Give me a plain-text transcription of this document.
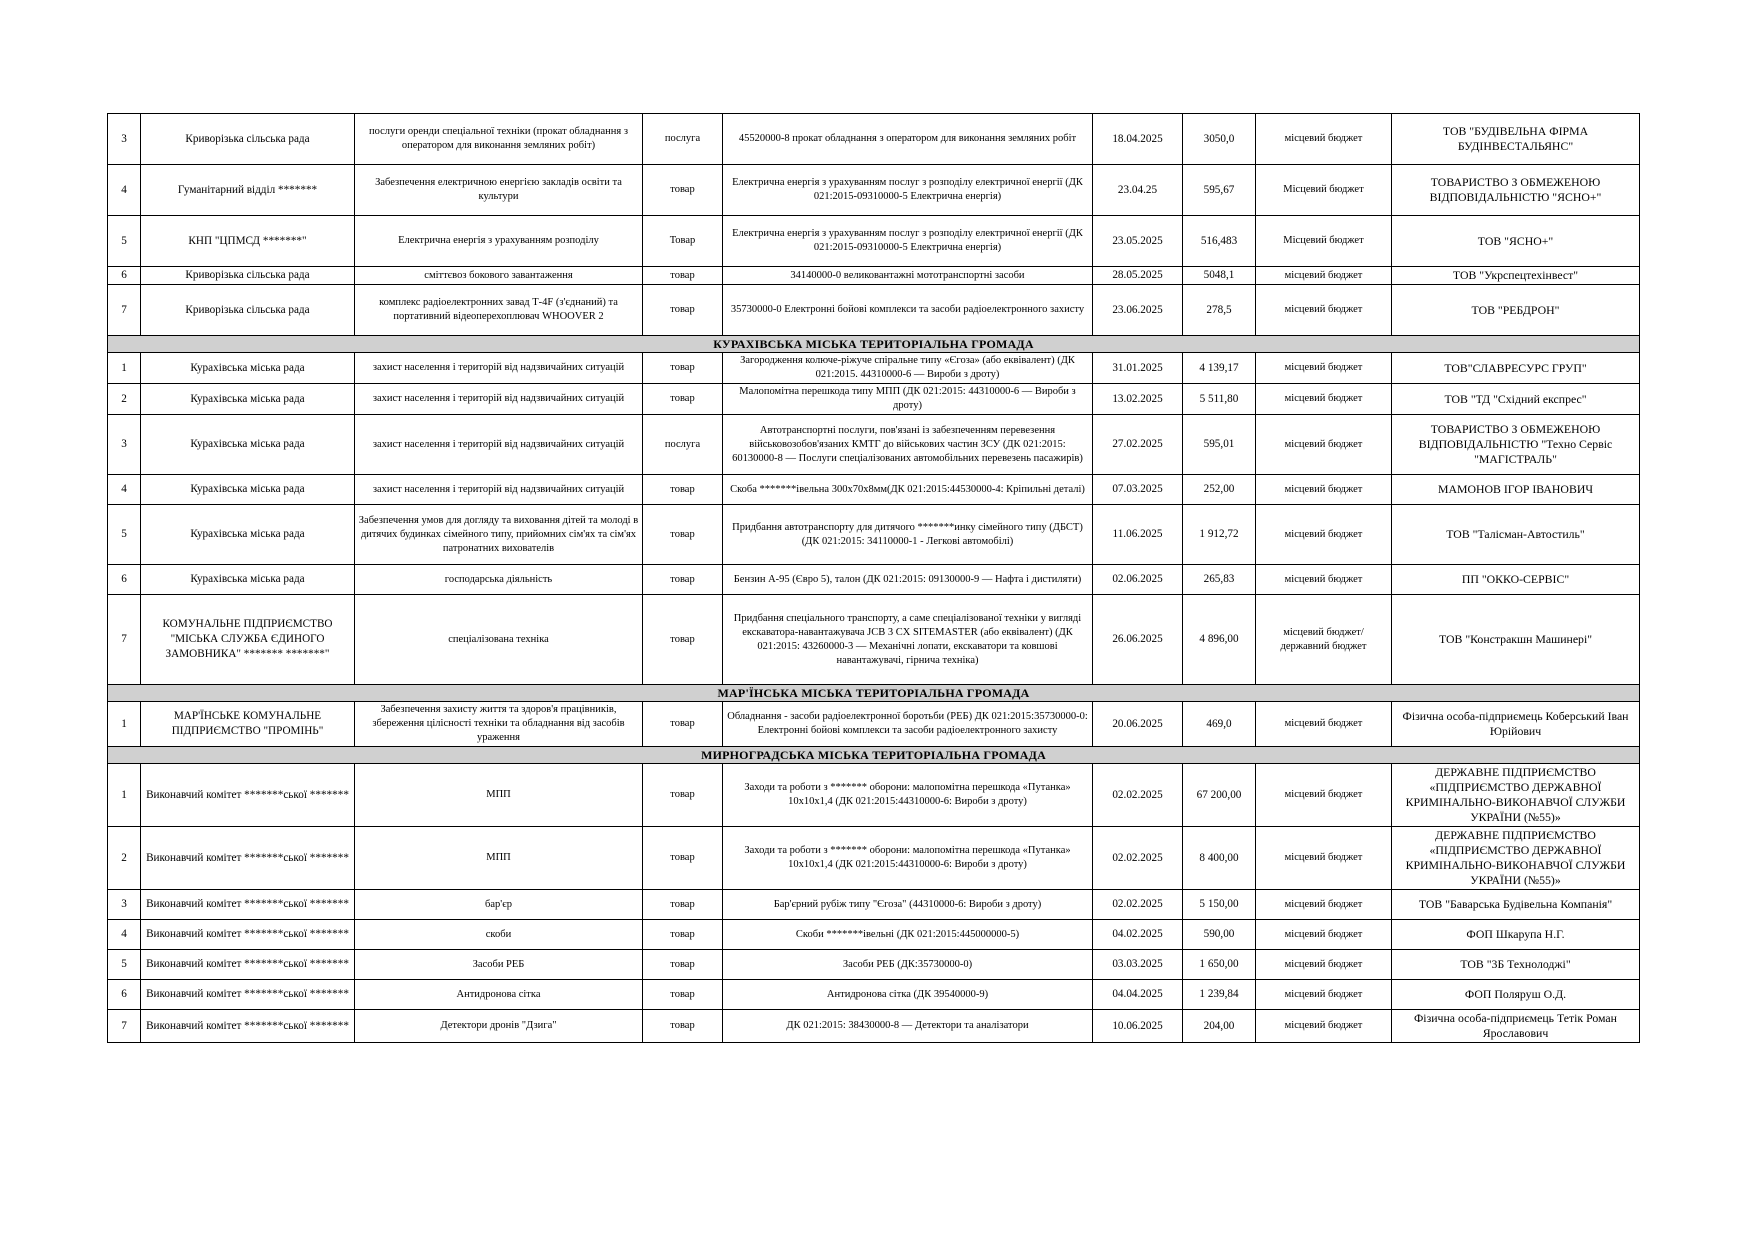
3	Криворізька сільська рада	послуги оренди спеціальної техніки (прокат обладнання з оператором для виконання земляних робіт)	послуга	45520000-8 прокат обладнання з оператором для виконання земляних робіт	18.04.2025	3050,0	місцевий бюджет	ТОВ "БУДІВЕЛЬНА ФІРМА БУДІНВЕСТАЛЬЯНС"
4	Гуманітарний відділ *******	Забезпечення електричною енергією закладів освіти та культури	товар	Електрична енергія з урахуванням послуг з розподілу електричної енергії (ДК 021:2015-09310000-5 Електрична енергія)	23.04.25	595,67	Місцевий бюджет	ТОВАРИСТВО З ОБМЕЖЕНОЮ ВІДПОВІДАЛЬНІСТЮ "ЯСНО+"
5	КНП "ЦПМСД *******"	Електрична енергія з урахуванням розподілу	Товар	Електрична енергія з урахуванням послуг з розподілу електричної енергії (ДК 021:2015-09310000-5 Електрична енергія)	23.05.2025	516,483	Місцевий бюджет	ТОВ "ЯСНО+"
6	Криворізька сільська рада	сміттєвоз бокового завантаження	товар	34140000-0 великовантажні мототранспортні засоби	28.05.2025	5048,1	місцевий бюджет	ТОВ "Укрспецтехінвест"
7	Криворізька сільська рада	комплекс радіоелектронних завад Т-4F (з'єднаний) та портативний відеоперехоплювач WHOOVER 2	товар	35730000-0 Електронні бойові комплекси та засоби радіоелектронного захисту	23.06.2025	278,5	місцевий бюджет	ТОВ "РЕБДРОН"
КУРАХІВСЬКА МІСЬКА ТЕРИТОРІАЛЬНА ГРОМАДА								
1	Курахівська міська рада	захист населення і територій від надзвичайних ситуацій	товар	Загородження колюче-ріжуче спіральне типу «Єгоза» (або еквівалент) (ДК 021:2015. 44310000-6 — Вироби з дроту)	31.01.2025	4 139,17	місцевий бюджет	ТОВ"СЛАВРЕСУРС ГРУП"
2	Курахівська міська рада	захист населення і територій від надзвичайних ситуацій	товар	Малопомітна перешкода типу МПП (ДК 021:2015: 44310000-6 — Вироби з дроту)	13.02.2025	5 511,80	місцевий бюджет	ТОВ "ТД "Східний експрес"
3	Курахівська міська рада	захист населення і територій від надзвичайних ситуацій	послуга	Автотранспортні послуги, пов'язані із забезпеченням перевезення військовозобов'язаних КМТГ до військових частин ЗСУ (ДК 021:2015: 60130000-8 — Послуги спеціалізованих автомобільних перевезень пасажирів)	27.02.2025	595,01	місцевий бюджет	ТОВАРИСТВО З ОБМЕЖЕНОЮ ВІДПОВІДАЛЬНІСТЮ "Техно Сервіс "МАГІСТРАЛЬ"
4	Курахівська міська рада	захист населення і територій від надзвичайних ситуацій	товар	Скоба *******івельна 300х70х8мм(ДК 021:2015:44530000-4: Кріпильні деталі)	07.03.2025	252,00	місцевий бюджет	МАМОНОВ ІГОР ІВАНОВИЧ
5	Курахівська міська рада	Забезпечення умов для догляду та виховання дітей та молоді в дитячих будинках сімейного типу, прийомних сім'ях та сім'ях патронатних вихователів	товар	Придбання автотранспорту для дитячого *******инку сімейного типу (ДБСТ) (ДК 021:2015: 34110000-1 - Легкові автомобілі)	11.06.2025	1 912,72	місцевий бюджет	ТОВ "Талісман-Автостиль"
6	Курахівська міська рада	господарська діяльність	товар	Бензин А-95 (Євро 5), талон (ДК 021:2015: 09130000-9 — Нафта і дистиляти)	02.06.2025	265,83	місцевий бюджет	ПП "ОККО-СЕРВІС"
7	КОМУНАЛЬНЕ ПІДПРИЄМСТВО "МІСЬКА СЛУЖБА ЄДИНОГО ЗАМОВНИКА" ******* *******"	спеціалізована техніка	товар	Придбання спеціального транспорту, а саме спеціалізованої техніки у вигляді екскаватора-навантажувача JCB 3 CX SITEMASTER (або еквівалент) (ДК 021:2015: 43260000-3 — Механічні лопати, екскаватори та ковшові навантажувачі, гірнича техніка)	26.06.2025	4 896,00	місцевий бюджет/державний бюджет	ТОВ "Констракшн Машинері"
МАР'ЇНСЬКА МІСЬКА ТЕРИТОРІАЛЬНА ГРОМАДА								
1	МАР'ЇНСЬКЕ КОМУНАЛЬНЕ ПІДПРИЄМСТВО "ПРОМІНЬ"	Забезпечення захисту життя та здоров'я працівників, збереження цілісності техніки та обладнання від засобів ураження	товар	Обладнання - засоби радіоелектронної боротьби (РЕБ) ДК 021:2015:35730000-0: Електронні бойові комплекси та засоби радіоелектронного захисту	20.06.2025	469,0	місцевий бюджет	Фізична особа-підприємець Коберський Іван Юрійович
МИРНОГРАДСЬКА МІСЬКА ТЕРИТОРІАЛЬНА ГРОМАДА								
1	Виконавчий комітет *******ської *******	МПП	товар	Заходи та роботи з ******* оборони: малопомітна перешкода «Путанка» 10х10х1,4 (ДК 021:2015:44310000-6: Вироби з дроту)	02.02.2025	67 200,00	місцевий бюджет	ДЕРЖАВНЕ ПІДПРИЄМСТВО «ПІДПРИЄМСТВО ДЕРЖАВНОЇ КРИМІНАЛЬНО-ВИКОНАВЧОЇ СЛУЖБИ УКРАЇНИ (№55)»
2	Виконавчий комітет *******ської *******	МПП	товар	Заходи та роботи з ******* оборони: малопомітна перешкода «Путанка» 10х10х1,4 (ДК 021:2015:44310000-6: Вироби з дроту)	02.02.2025	8 400,00	місцевий бюджет	ДЕРЖАВНЕ ПІДПРИЄМСТВО «ПІДПРИЄМСТВО ДЕРЖАВНОЇ КРИМІНАЛЬНО-ВИКОНАВЧОЇ СЛУЖБИ УКРАЇНИ (№55)»
3	Виконавчий комітет *******ської *******	бар'єр	товар	Бар'єрний рубіж типу "Єгоза" (44310000-6: Вироби з дроту)	02.02.2025	5 150,00	місцевий бюджет	ТОВ "Баварська Будівельна Компанія"
4	Виконавчий комітет *******ської *******	скоби	товар	Скоби *******івельні (ДК 021:2015:445000000-5)	04.02.2025	590,00	місцевий бюджет	ФОП Шкарупа Н.Г.
5	Виконавчий комітет *******ської *******	Засоби РЕБ	товар	Засоби РЕБ (ДК:35730000-0)	03.03.2025	1 650,00	місцевий бюджет	ТОВ "3Б Технолоджі"
6	Виконавчий комітет *******ської *******	Антидронова сітка	товар	Антидронова сітка (ДК 39540000-9)	04.04.2025	1 239,84	місцевий бюджет	ФОП Поляруш О.Д.
7	Виконавчий комітет *******ської *******	Детектори дронів "Дзига"	товар	ДК 021:2015: 38430000-8 — Детектори та аналізатори	10.06.2025	204,00	місцевий бюджет	Фізична особа-підприємець Тетік Роман Ярославович
